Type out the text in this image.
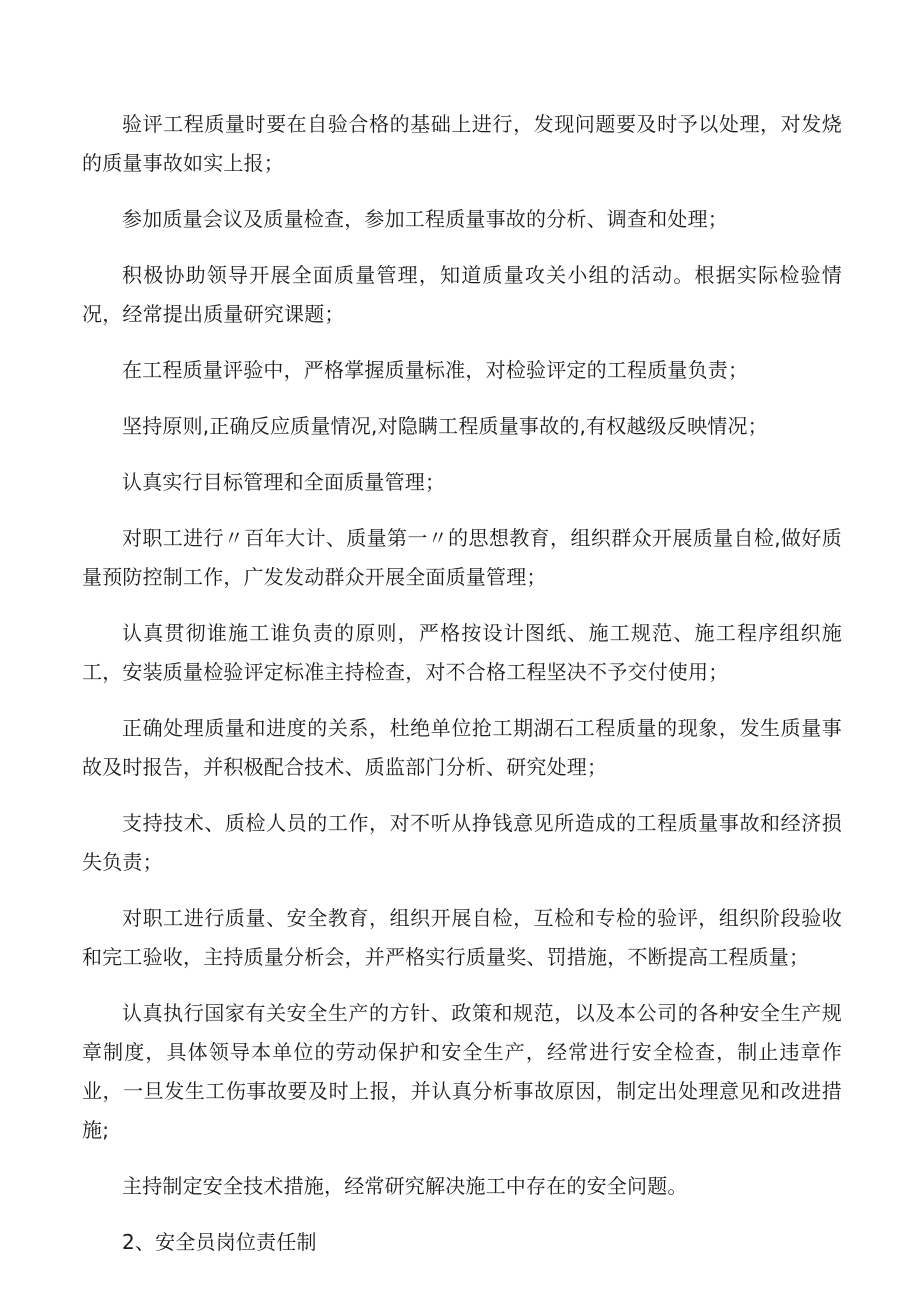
验评工程质量时要在自验合格的基础上进行，发现问题要及时予以处理，对发烧的质量事故如实上报；

参加质量会议及质量检查，参加工程质量事故的分析、调查和处理；

积极协助领导开展全面质量管理，知道质量攻关小组的活动。根据实际检验情况，经常提出质量研究课题；

在工程质量评验中，严格掌握质量标准，对检验评定的工程质量负责；

坚持原则,正确反应质量情况,对隐瞒工程质量事故的,有权越级反映情况；

认真实行目标管理和全面质量管理；

对职工进行〃百年大计、质量第一〃的思想教育，组织群众开展质量自检,做好质量预防控制工作，广发发动群众开展全面质量管理；

认真贯彻谁施工谁负责的原则，严格按设计图纸、施工规范、施工程序组织施工，安装质量检验评定标准主持检查，对不合格工程坚决不予交付使用；

正确处理质量和进度的关系，杜绝单位抢工期湖石工程质量的现象，发生质量事故及时报告，并积极配合技术、质监部门分析、研究处理；

支持技术、质检人员的工作，对不听从挣钱意见所造成的工程质量事故和经济损失负责；

对职工进行质量、安全教育，组织开展自检，互检和专检的验评，组织阶段验收和完工验收，主持质量分析会，并严格实行质量奖、罚措施，不断提高工程质量；

认真执行国家有关安全生产的方针、政策和规范，以及本公司的各种安全生产规章制度，具体领导本单位的劳动保护和安全生产，经常进行安全检查，制止违章作业，一旦发生工伤事故要及时上报，并认真分析事故原因，制定出处理意见和改进措施;

主持制定安全技术措施，经常研究解决施工中存在的安全问题。

2、安全员岗位责任制
